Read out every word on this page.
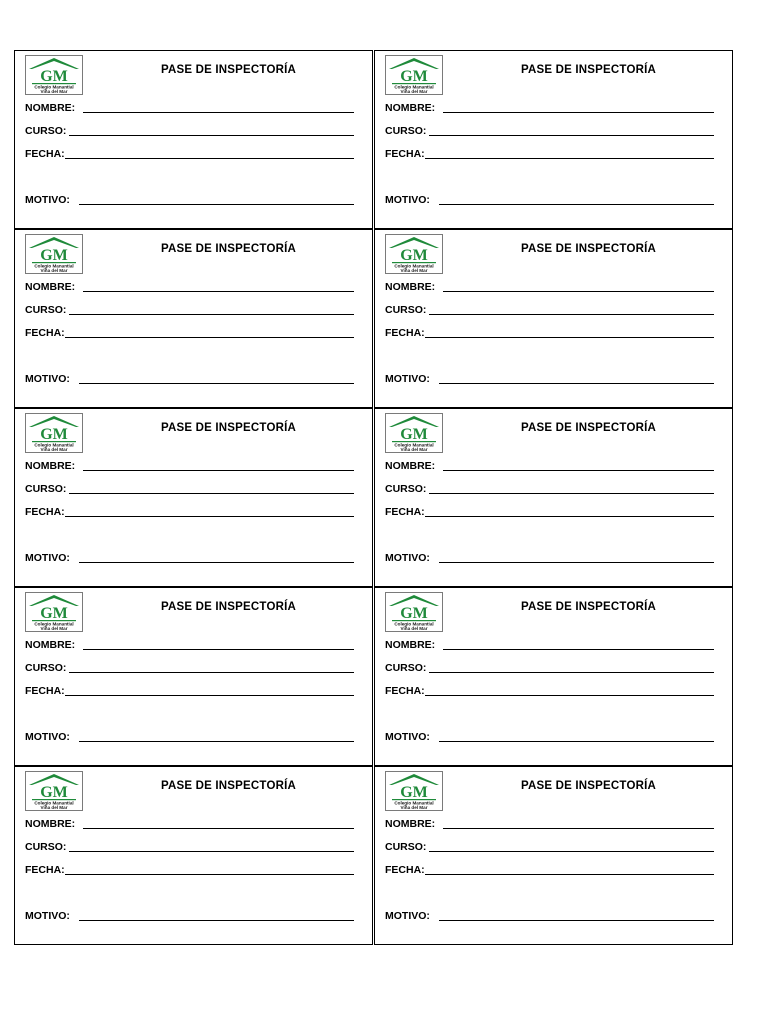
GM
Colegio Manantial
Viña del Mar
PASE DE INSPECTORÍA
NOMBRE:
CURSO:
FECHA:
MOTIVO:
GM
Colegio Manantial
Viña del Mar
PASE DE INSPECTORÍA
NOMBRE:
CURSO:
FECHA:
MOTIVO:
GM
Colegio Manantial
Viña del Mar
PASE DE INSPECTORÍA
NOMBRE:
CURSO:
FECHA:
MOTIVO:
GM
Colegio Manantial
Viña del Mar
PASE DE INSPECTORÍA
NOMBRE:
CURSO:
FECHA:
MOTIVO:
GM
Colegio Manantial
Viña del Mar
PASE DE INSPECTORÍA
NOMBRE:
CURSO:
FECHA:
MOTIVO:
GM
Colegio Manantial
Viña del Mar
PASE DE INSPECTORÍA
NOMBRE:
CURSO:
FECHA:
MOTIVO:
GM
Colegio Manantial
Viña del Mar
PASE DE INSPECTORÍA
NOMBRE:
CURSO:
FECHA:
MOTIVO:
GM
Colegio Manantial
Viña del Mar
PASE DE INSPECTORÍA
NOMBRE:
CURSO:
FECHA:
MOTIVO:
GM
Colegio Manantial
Viña del Mar
PASE DE INSPECTORÍA
NOMBRE:
CURSO:
FECHA:
MOTIVO:
GM
Colegio Manantial
Viña del Mar
PASE DE INSPECTORÍA
NOMBRE:
CURSO:
FECHA:
MOTIVO:
